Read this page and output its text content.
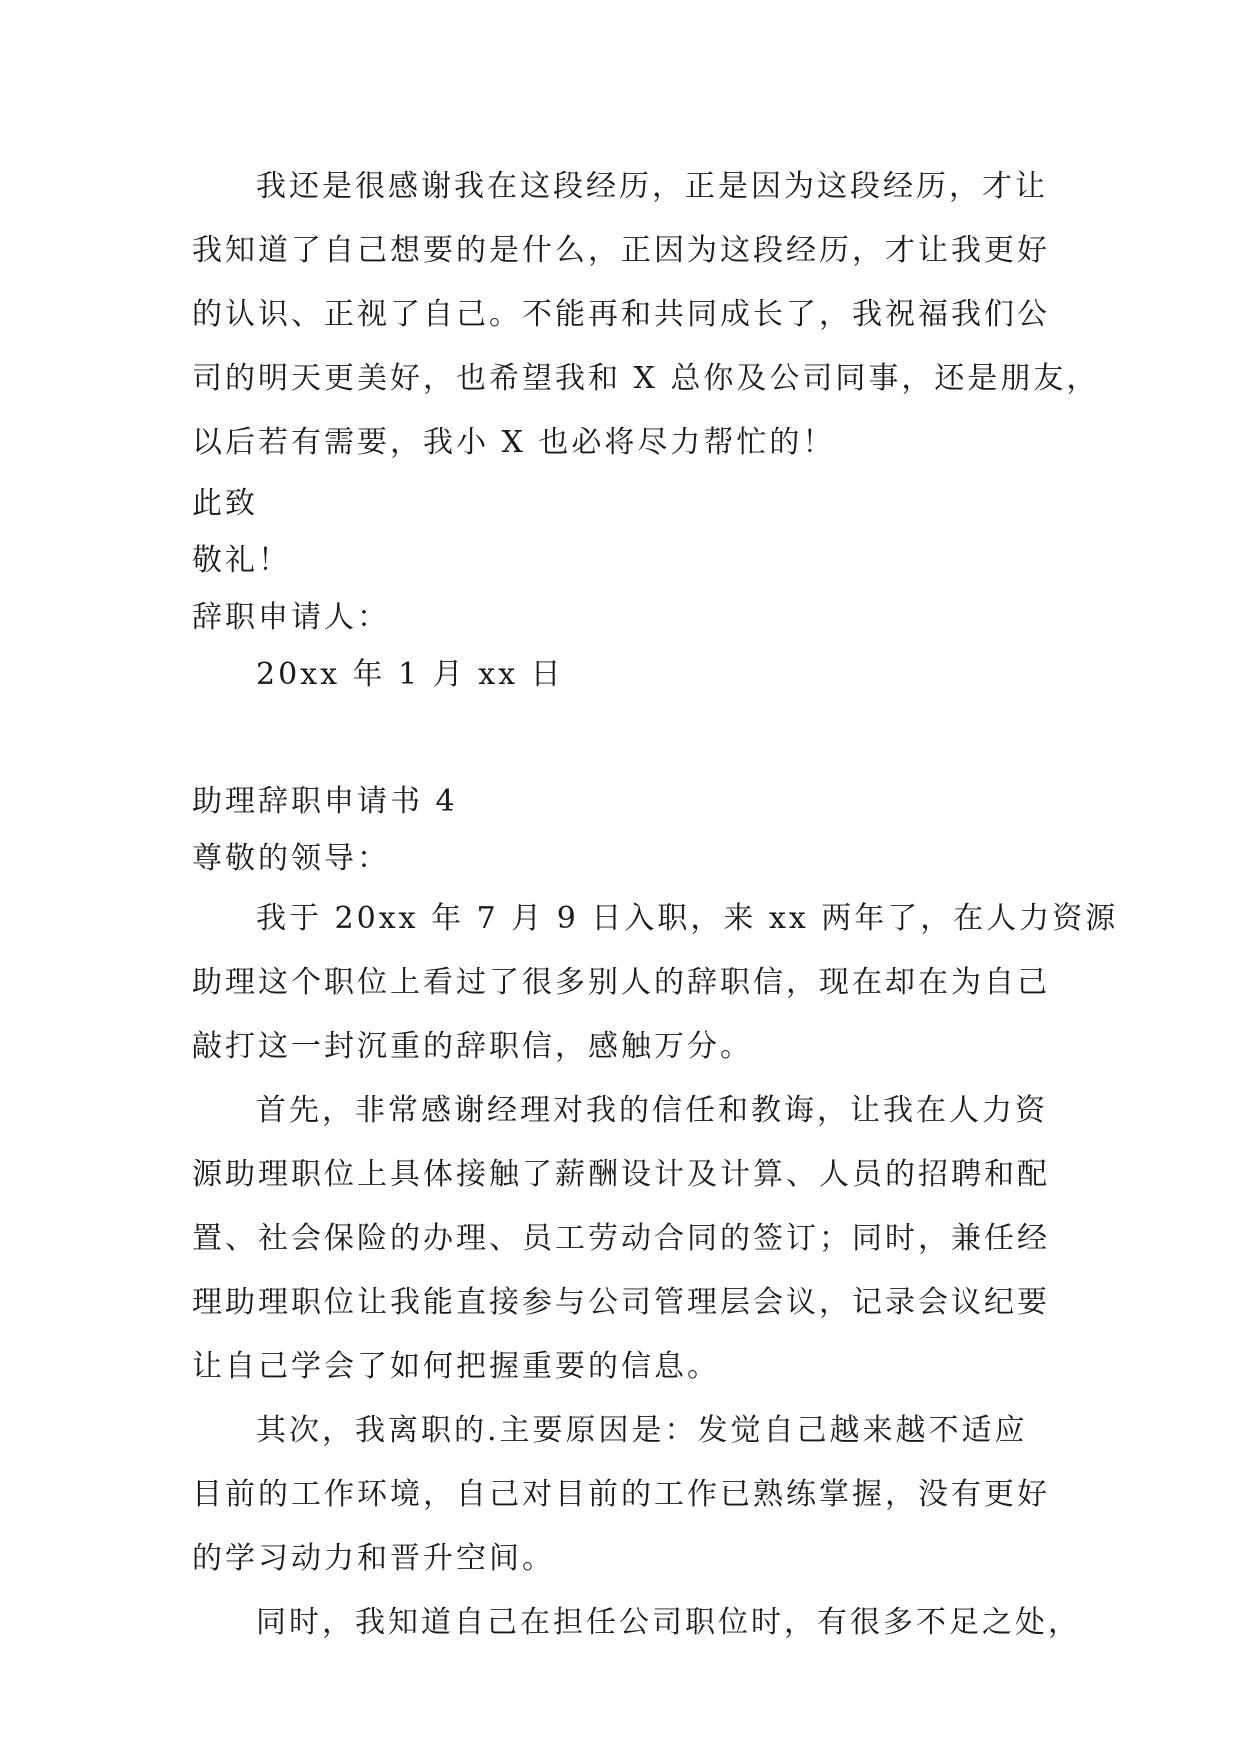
我还是很感谢我在这段经历，正是因为这段经历，才让
我知道了自己想要的是什么，正因为这段经历，才让我更好
的认识、正视了自己。不能再和共同成长了，我祝福我们公
司的明天更美好，也希望我和 X 总你及公司同事，还是朋友，
以后若有需要，我小 X 也必将尽力帮忙的！
此致
敬礼！
辞职申请人：
20xx 年 1 月 xx 日
助理辞职申请书 4
尊敬的领导：
我于 20xx 年 7 月 9 日入职，来 xx 两年了，在人力资源
助理这个职位上看过了很多别人的辞职信，现在却在为自己
敲打这一封沉重的辞职信，感触万分。
首先，非常感谢经理对我的信任和教诲，让我在人力资
源助理职位上具体接触了薪酬设计及计算、人员的招聘和配
置、社会保险的办理、员工劳动合同的签订；同时，兼任经
理助理职位让我能直接参与公司管理层会议，记录会议纪要
让自己学会了如何把握重要的信息。
其次，我离职的.主要原因是：发觉自己越来越不适应
目前的工作环境，自己对目前的工作已熟练掌握，没有更好
的学习动力和晋升空间。
同时，我知道自己在担任公司职位时，有很多不足之处，
